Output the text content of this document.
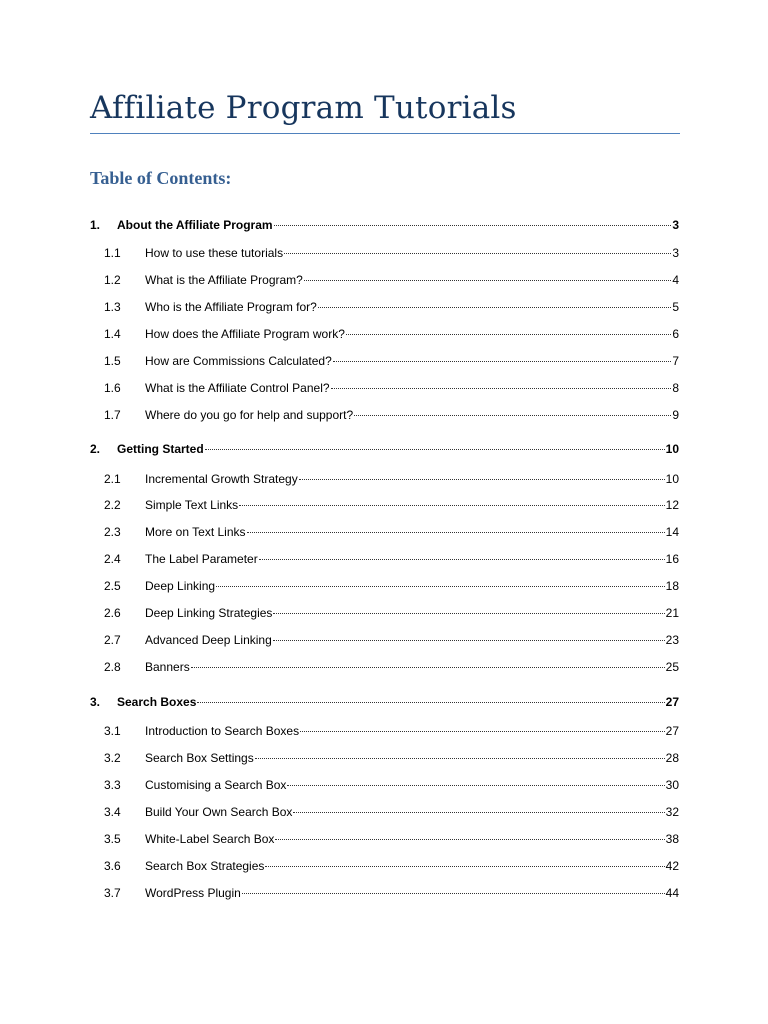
Affiliate Program Tutorials
Table of Contents:
1.	About the Affiliate Program	3
1.1	How to use these tutorials	3
1.2	What is the Affiliate Program?	4
1.3	Who is the Affiliate Program for?	5
1.4	How does the Affiliate Program work?	6
1.5	How are Commissions Calculated?	7
1.6	What is the Affiliate Control Panel?	8
1.7	Where do you go for help and support?	9
2.	Getting Started	10
2.1	Incremental Growth Strategy	10
2.2	Simple Text Links	12
2.3	More on Text Links	14
2.4	The Label Parameter	16
2.5	Deep Linking	18
2.6	Deep Linking Strategies	21
2.7	Advanced Deep Linking	23
2.8	Banners	25
3.	Search Boxes	27
3.1	Introduction to Search Boxes	27
3.2	Search Box Settings	28
3.3	Customising a Search Box	30
3.4	Build Your Own Search Box	32
3.5	White-Label Search Box	38
3.6	Search Box Strategies	42
3.7	WordPress Plugin	44
